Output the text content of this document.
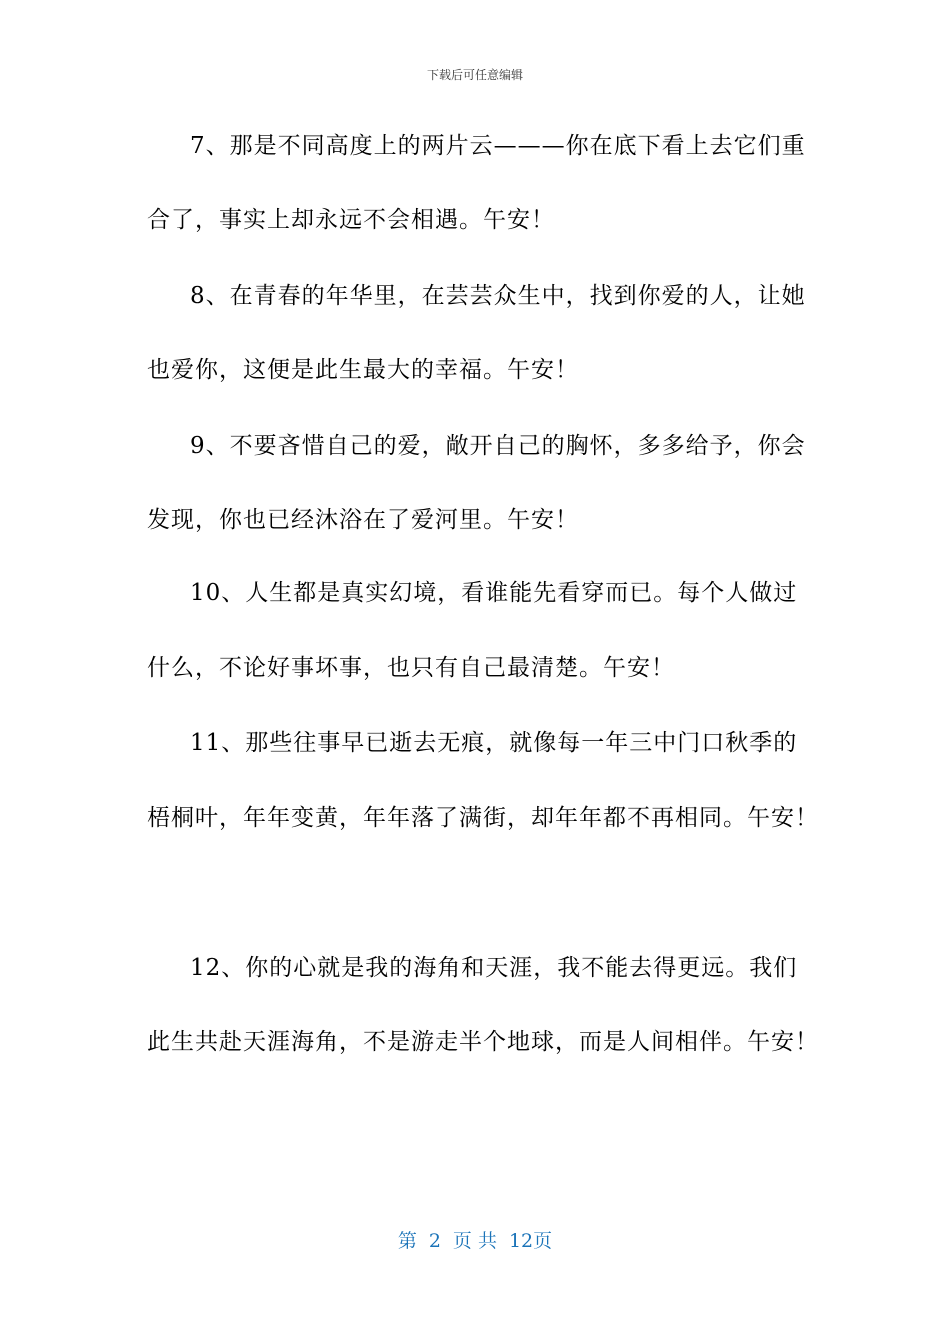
下载后可任意编辑
7、那是不同高度上的两片云———你在底下看上去它们重
合了，事实上却永远不会相遇。午安！
8、在青春的年华里，在芸芸众生中，找到你爱的人，让她
也爱你，这便是此生最大的幸福。午安！
9、不要吝惜自己的爱，敞开自己的胸怀，多多给予，你会
发现，你也已经沐浴在了爱河里。午安！
10、人生都是真实幻境，看谁能先看穿而已。每个人做过
什么，不论好事坏事，也只有自己最清楚。午安！
11、那些往事早已逝去无痕，就像每一年三中门口秋季的
梧桐叶，年年变黄，年年落了满街，却年年都不再相同。午安！
12、你的心就是我的海角和天涯，我不能去得更远。我们
此生共赴天涯海角，不是游走半个地球，而是人间相伴。午安！
第 2 页 共 12页
